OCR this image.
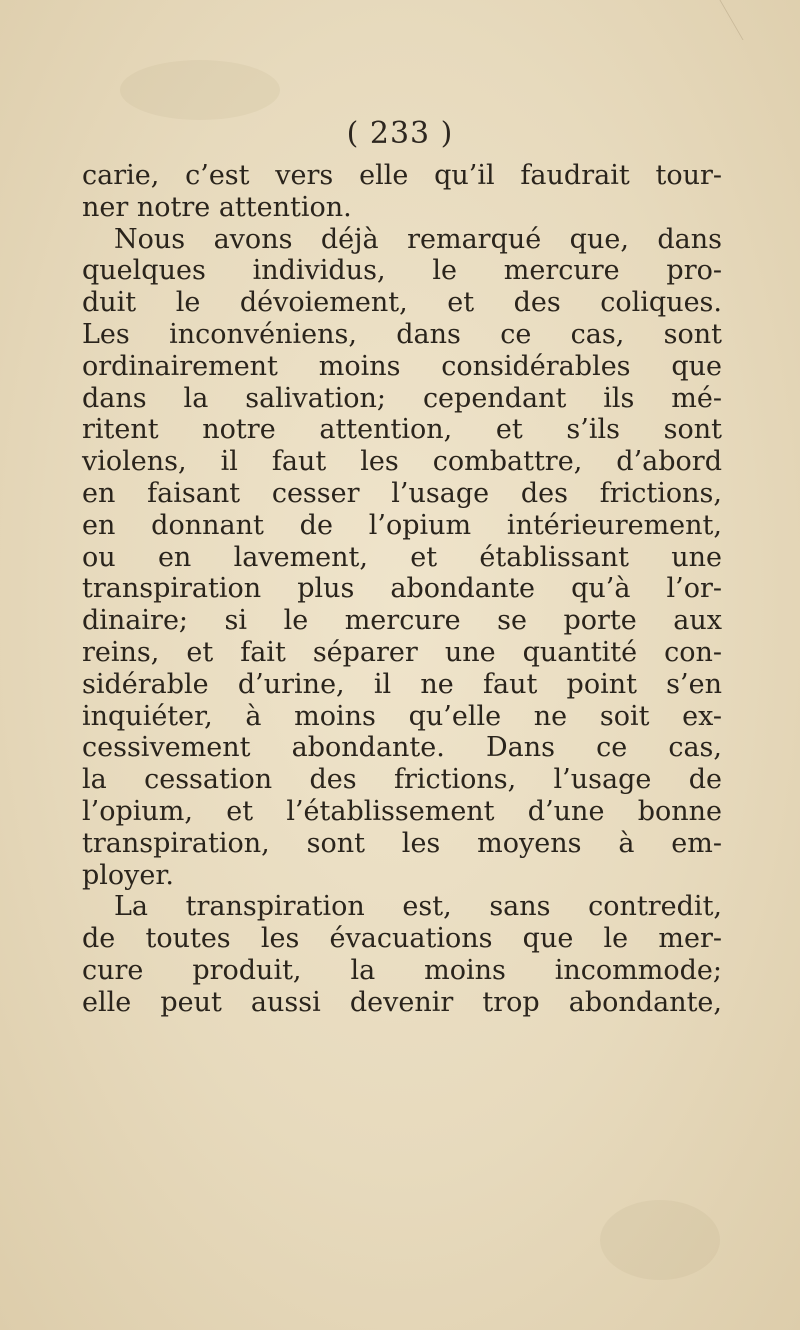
( 233 )
carie, c’est vers elle qu’il faudrait tour-
ner notre attention.
Nous avons déjà remarqué que, dans
quelques individus, le mercure pro-
duit le dévoiement, et des coliques.
Les inconvéniens, dans ce cas, sont
ordinairement moins considérables que
dans la salivation; cependant ils mé-
ritent notre attention, et s’ils sont
violens, il faut les combattre, d’abord
en faisant cesser l’usage des frictions,
en donnant de l’opium intérieurement,
ou en lavement, et établissant une
transpiration plus abondante qu’à l’or-
dinaire; si le mercure se porte aux
reins, et fait séparer une quantité con-
sidérable d’urine, il ne faut point s’en
inquiéter, à moins qu’elle ne soit ex-
cessivement abondante. Dans ce cas,
la cessation des frictions, l’usage de
l’opium, et l’établissement d’une bonne
transpiration, sont les moyens à em-
ployer.
La transpiration est, sans contredit,
de toutes les évacuations que le mer-
cure produit, la moins incommode;
elle peut aussi devenir trop abondante,
